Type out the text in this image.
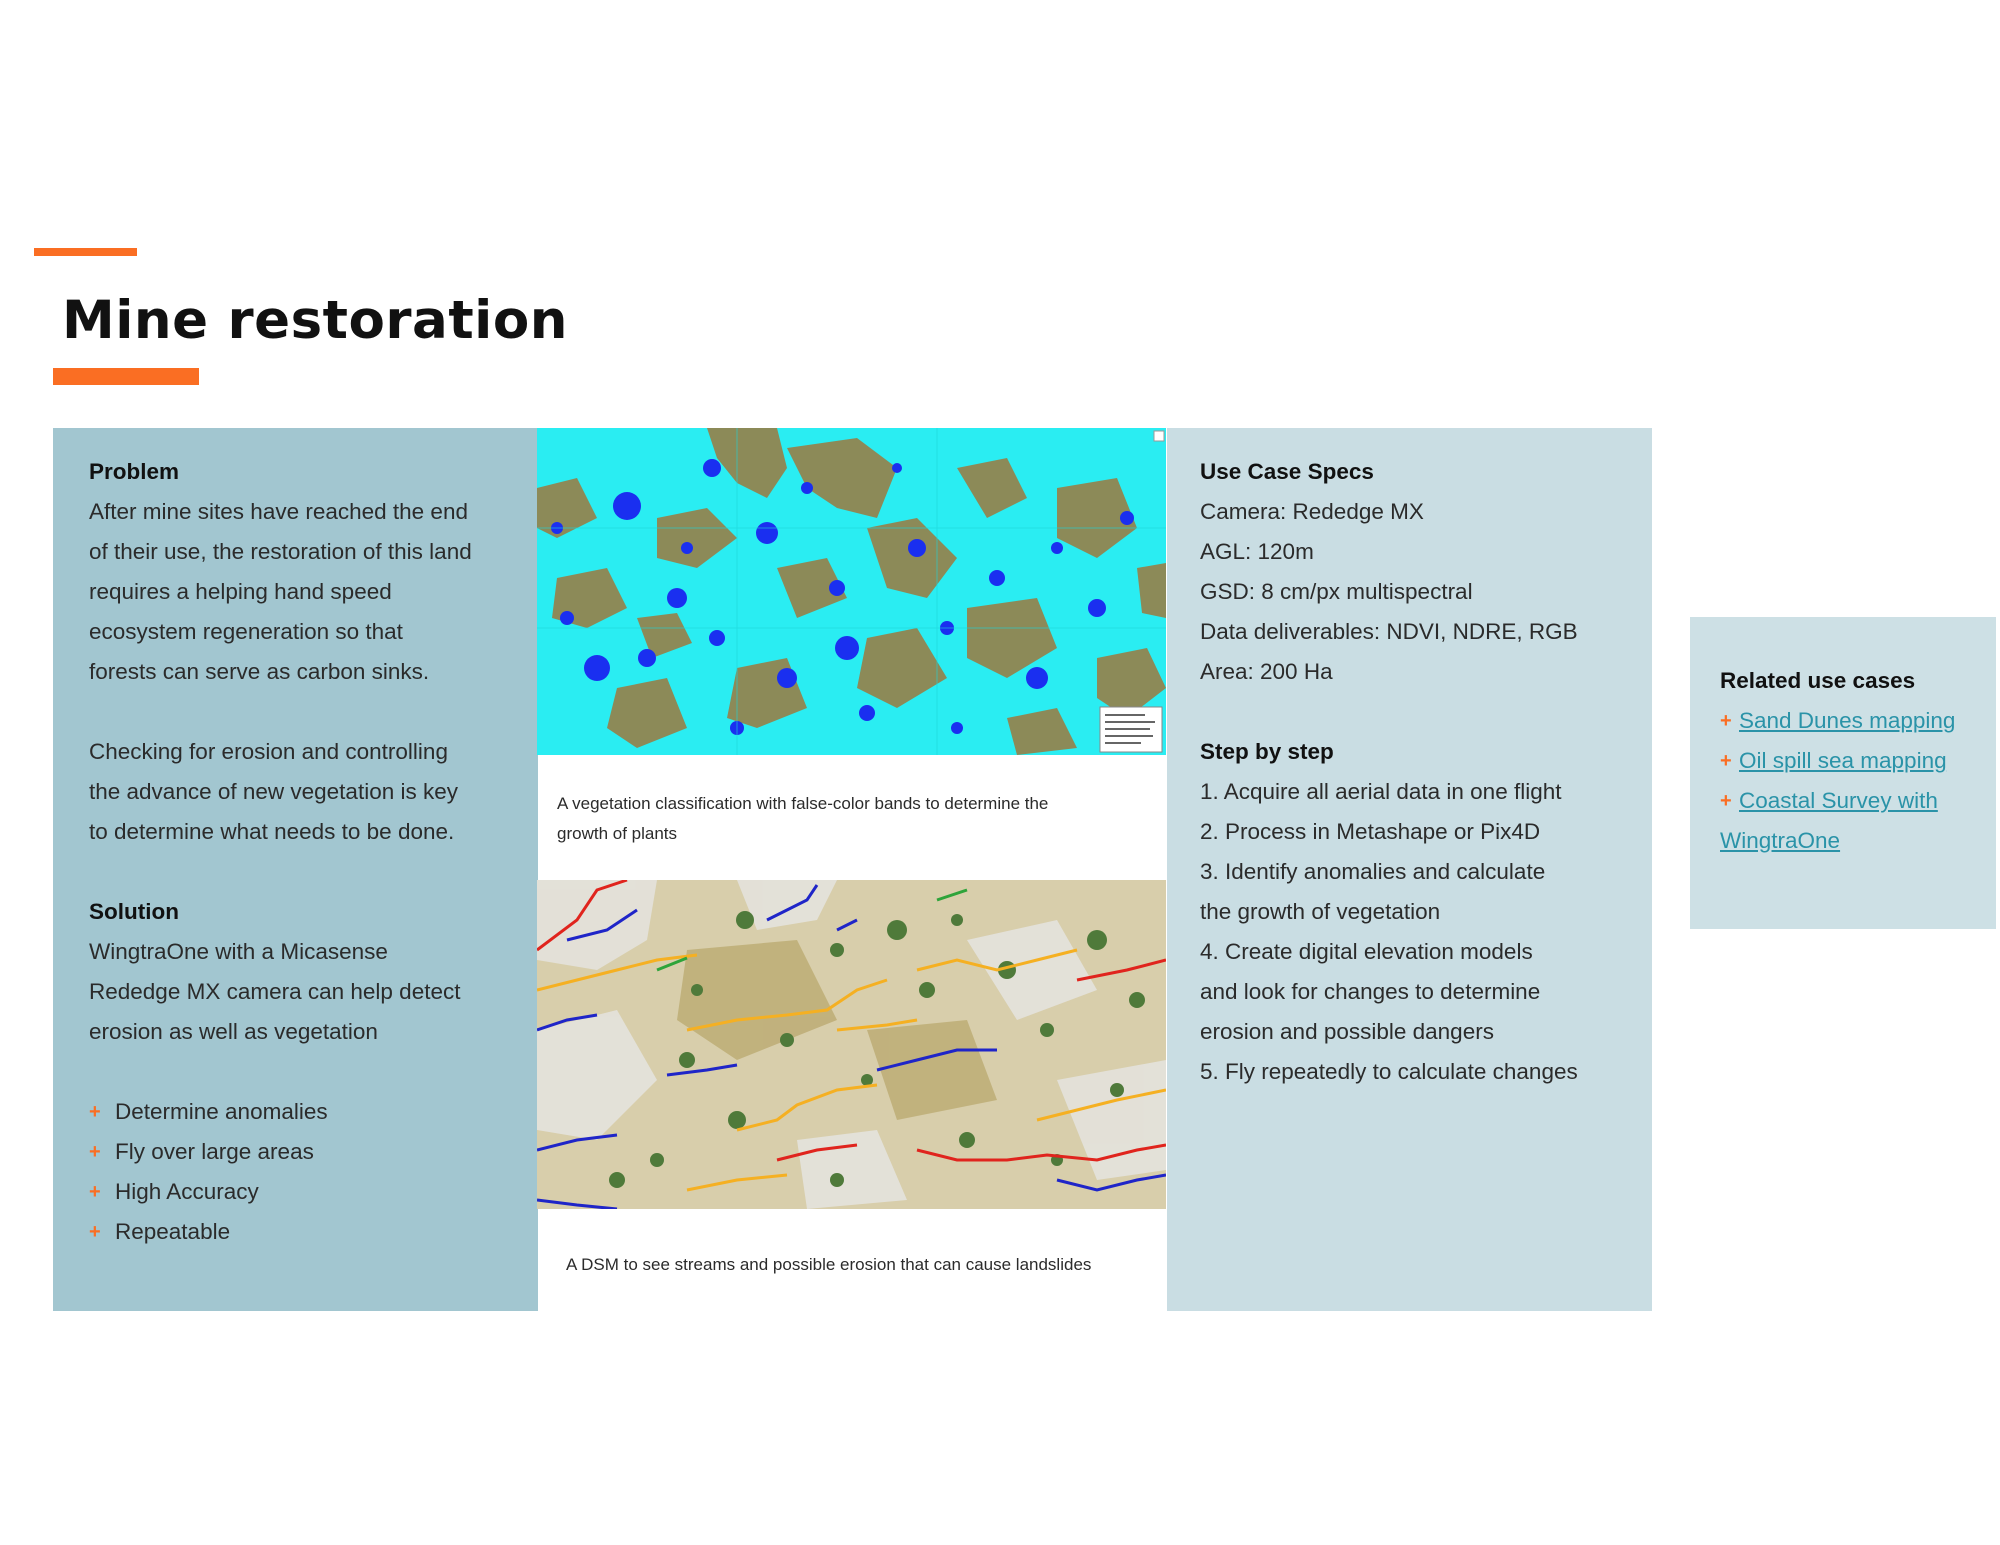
Mine restoration
Problem
After mine sites have reached the end
of their use, the restoration of this land
requires a helping hand speed
ecosystem regeneration so that
forests can serve as carbon sinks.
Checking for erosion and controlling
the advance of new vegetation is key
to determine what needs to be done.
Solution
WingtraOne with a Micasense
Rededge MX camera can help detect
erosion as well as vegetation
+ Determine anomalies
+ Fly over large areas
+ High Accuracy
+ Repeatable
A vegetation classification with false-color bands to determine the
growth of plants
A DSM to see streams and possible erosion that can cause landslides
Use Case Specs
Camera: Rededge MX
AGL: 120m
GSD: 8 cm/px multispectral
Data deliverables: NDVI, NDRE, RGB
Area: 200 Ha
Step by step
1. Acquire all aerial data in one flight
2. Process in Metashape or Pix4D
3. Identify anomalies and calculate
the growth of vegetation
4. Create digital elevation models
and look for changes to determine
erosion and possible dangers
5. Fly repeatedly to calculate changes
Related use cases
+ Sand Dunes mapping
+ Oil spill sea mapping
+ Coastal Survey with
WingtraOne
